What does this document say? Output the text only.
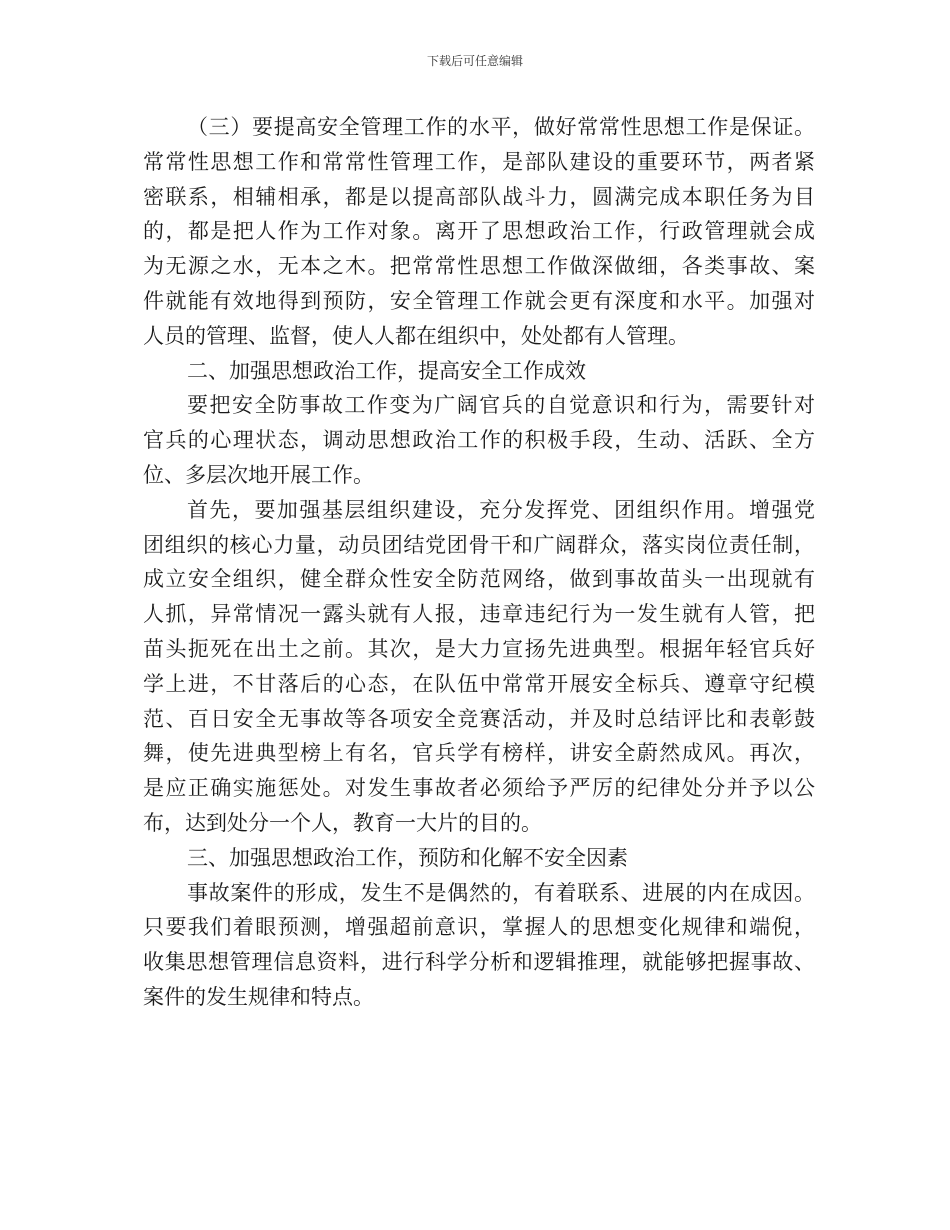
下载后可任意编辑
（三）要提高安全管理工作的水平，做好常常性思想工作是保证。
常常性思想工作和常常性管理工作，是部队建设的重要环节，两者紧
密联系，相辅相承，都是以提高部队战斗力，圆满完成本职任务为目
的，都是把人作为工作对象。离开了思想政治工作，行政管理就会成
为无源之水，无本之木。把常常性思想工作做深做细，各类事故、案
件就能有效地得到预防，安全管理工作就会更有深度和水平。加强对
人员的管理、监督，使人人都在组织中，处处都有人管理。
二、加强思想政治工作，提高安全工作成效
要把安全防事故工作变为广阔官兵的自觉意识和行为，需要针对
官兵的心理状态，调动思想政治工作的积极手段，生动、活跃、全方
位、多层次地开展工作。
首先，要加强基层组织建设，充分发挥党、团组织作用。增强党
团组织的核心力量，动员团结党团骨干和广阔群众，落实岗位责任制，
成立安全组织，健全群众性安全防范网络，做到事故苗头一出现就有
人抓，异常情况一露头就有人报，违章违纪行为一发生就有人管，把
苗头扼死在出土之前。其次，是大力宣扬先进典型。根据年轻官兵好
学上进，不甘落后的心态，在队伍中常常开展安全标兵、遵章守纪模
范、百日安全无事故等各项安全竞赛活动，并及时总结评比和表彰鼓
舞，使先进典型榜上有名，官兵学有榜样，讲安全蔚然成风。再次，
是应正确实施惩处。对发生事故者必须给予严厉的纪律处分并予以公
布，达到处分一个人，教育一大片的目的。
三、加强思想政治工作，预防和化解不安全因素
事故案件的形成，发生不是偶然的，有着联系、进展的内在成因。
只要我们着眼预测，增强超前意识，掌握人的思想变化规律和端倪，
收集思想管理信息资料，进行科学分析和逻辑推理，就能够把握事故、
案件的发生规律和特点。
